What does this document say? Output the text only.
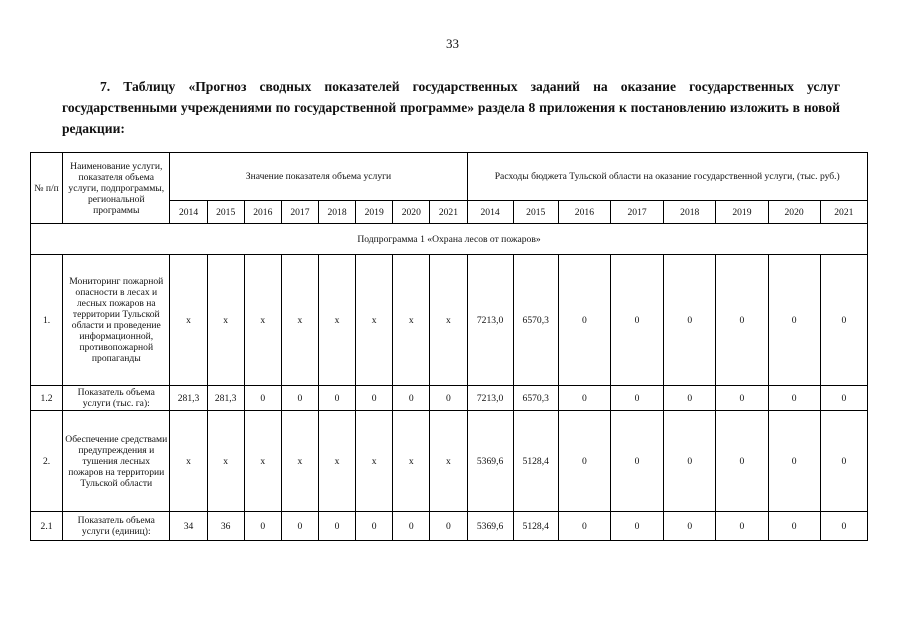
33
7. Таблицу «Прогноз сводных показателей государственных заданий на оказание государственных услуг государственными учреждениями по государственной программе» раздела 8 приложения к постановлению изложить в новой редакции:
№ п/п	Наименование услуги, показателя объема услуги, подпрограммы, региональной программы	Значение показателя объема услуги								Расходы бюджета Тульской области на оказание государственной услуги, (тыс. руб.)							
		2014	2015	2016	2017	2018	2019	2020	2021	2014	2015	2016	2017	2018	2019	2020	2021
Подпрограмма 1 «Охрана лесов от пожаров»																	
1.	Мониторинг пожарной опасности в лесах и лесных пожаров на территории Тульской области и проведение информационной, противопожарной пропаганды	x	x	x	x	x	x	x	x	7213,0	6570,3	0	0	0	0	0	0
1.2	Показатель объема услуги (тыс. га):	281,3	281,3	0	0	0	0	0	0	7213,0	6570,3	0	0	0	0	0	0
2.	Обеспечение средствами предупреждения и тушения лесных пожаров на территории Тульской области	x	x	x	x	x	x	x	x	5369,6	5128,4	0	0	0	0	0	0
2.1	Показатель объема услуги (единиц):	34	36	0	0	0	0	0	0	5369,6	5128,4	0	0	0	0	0	0
